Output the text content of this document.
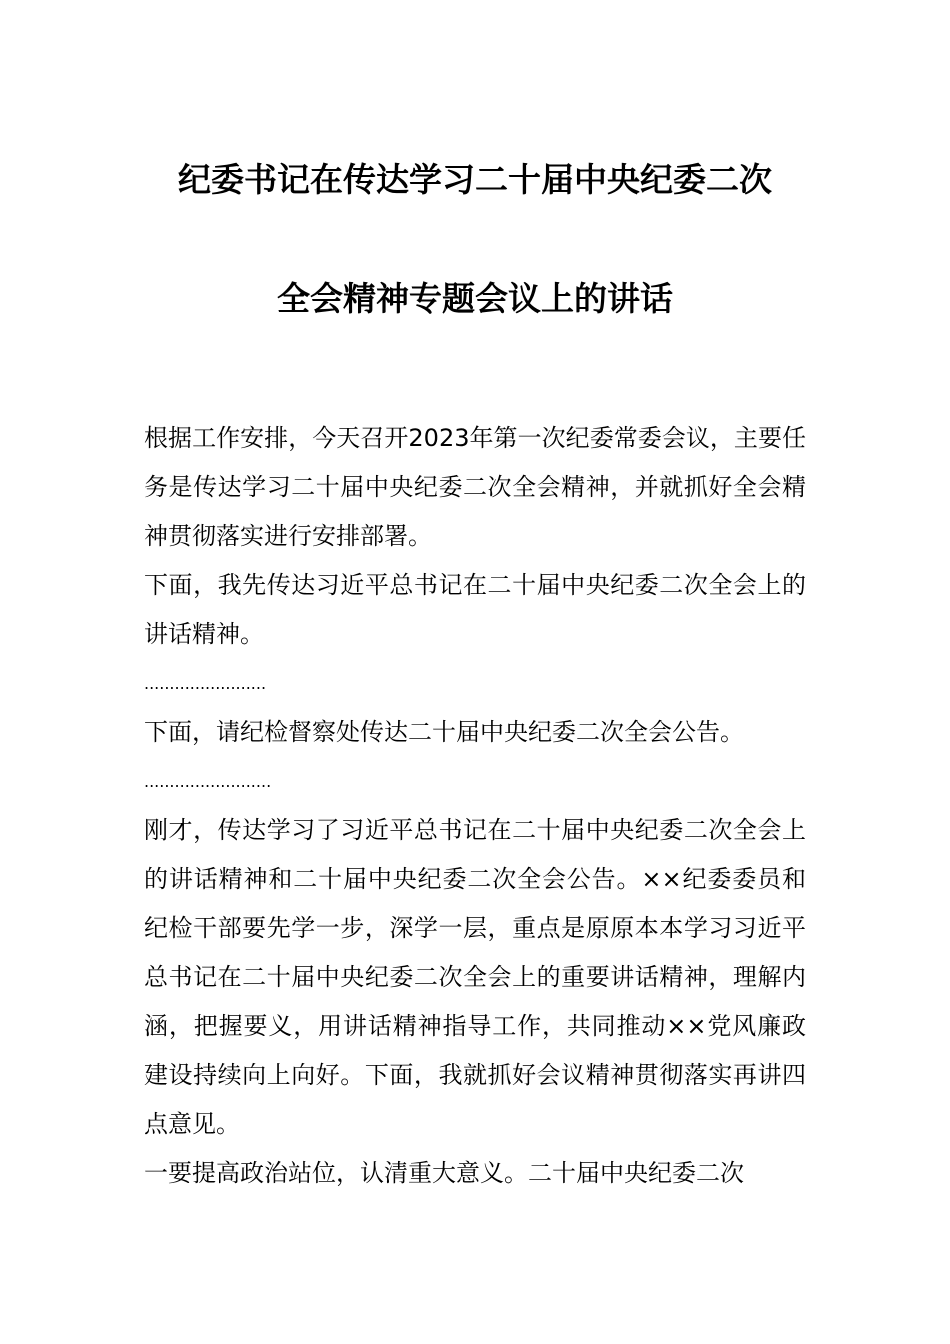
纪委书记在传达学习二十届中央纪委二次
全会精神专题会议上的讲话

根据工作安排，今天召开2023年第一次纪委常委会议，主要任务是传达学习二十届中央纪委二次全会精神，并就抓好全会精神贯彻落实进行安排部署。

下面，我先传达习近平总书记在二十届中央纪委二次全会上的讲话精神。

........................

下面，请纪检督察处传达二十届中央纪委二次全会公告。

.........................

刚才，传达学习了习近平总书记在二十届中央纪委二次全会上的讲话精神和二十届中央纪委二次全会公告。××纪委委员和纪检干部要先学一步，深学一层，重点是原原本本学习习近平总书记在二十届中央纪委二次全会上的重要讲话精神，理解内涵，把握要义，用讲话精神指导工作，共同推动××党风廉政建设持续向上向好。下面，我就抓好会议精神贯彻落实再讲四点意见。

一要提高政治站位，认清重大意义。二十届中央纪委二次
